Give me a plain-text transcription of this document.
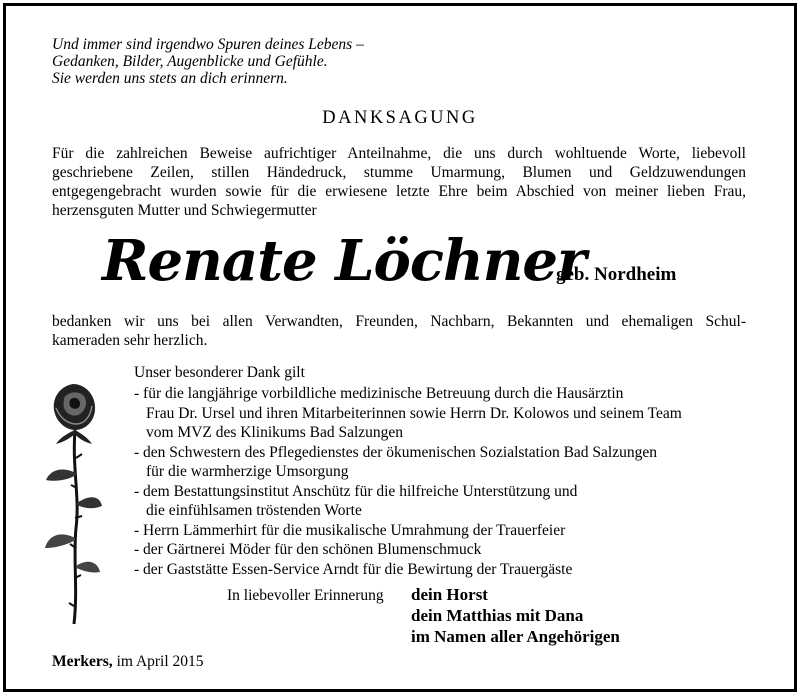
Und immer sind irgendwo Spuren deines Lebens –
Gedanken, Bilder, Augenblicke und Gefühle.
Sie werden uns stets an dich erinnern.
DANKSAGUNG
Für die zahlreichen Beweise aufrichtiger Anteilnahme, die uns durch wohltuende Worte, liebevoll
geschriebene Zeilen, stillen Händedruck, stumme Umarmung, Blumen und Geldzuwendungen
entgegengebracht wurden sowie für die erwiesene letzte Ehre beim Abschied von meiner lieben Frau,
herzensguten Mutter und Schwiegermutter
Renate Löchner
geb. Nordheim
bedanken wir uns bei allen Verwandten, Freunden, Nachbarn, Bekannten und ehemaligen Schul-
kameraden sehr herzlich.
Unser besonderer Dank gilt
- für die langjährige vorbildliche medizinische Betreuung durch die Hausärztin
Frau Dr. Ursel und ihren Mitarbeiterinnen sowie Herrn Dr. Kolowos und seinem Team
vom MVZ des Klinikums Bad Salzungen
- den Schwestern des Pflegedienstes der ökumenischen Sozialstation Bad Salzungen
für die warmherzige Umsorgung
- dem Bestattungsinstitut Anschütz für die hilfreiche Unterstützung und
die einfühlsamen tröstenden Worte
- Herrn Lämmerhirt für die musikalische Umrahmung der Trauerfeier
- der Gärtnerei Möder für den schönen Blumenschmuck
- der Gaststätte Essen-Service Arndt für die Bewirtung der Trauergäste
In liebevoller Erinnerung dein Horst
dein Matthias mit Dana
im Namen aller Angehörigen
Merkers, im April 2015
